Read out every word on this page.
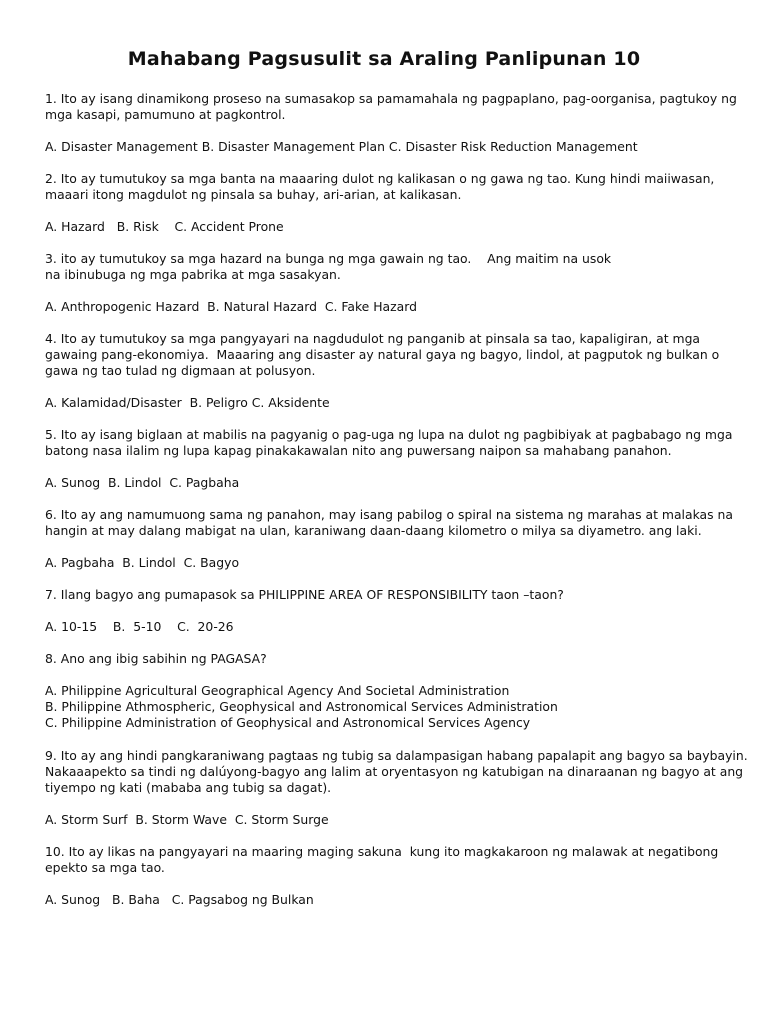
Mahabang Pagsusulit sa Araling Panlipunan 10
1. Ito ay isang dinamikong proseso na sumasakop sa pamamahala ng pagpaplano, pag-oorganisa, pagtukoy ng
mga kasapi, pamumuno at pagkontrol.
A. Disaster Management B. Disaster Management Plan C. Disaster Risk Reduction Management
2. Ito ay tumutukoy sa mga banta na maaaring dulot ng kalikasan o ng gawa ng tao. Kung hindi maiiwasan,
maaari itong magdulot ng pinsala sa buhay, ari-arian, at kalikasan.
A. Hazard   B. Risk    C. Accident Prone
3. ito ay tumutukoy sa mga hazard na bunga ng mga gawain ng tao.    Ang maitim na usok
na ibinubuga ng mga pabrika at mga sasakyan.
A. Anthropogenic Hazard  B. Natural Hazard  C. Fake Hazard
4. Ito ay tumutukoy sa mga pangyayari na nagdudulot ng panganib at pinsala sa tao, kapaligiran, at mga
gawaing pang-ekonomiya.  Maaaring ang disaster ay natural gaya ng bagyo, lindol, at pagputok ng bulkan o
gawa ng tao tulad ng digmaan at polusyon.
A. Kalamidad/Disaster  B. Peligro C. Aksidente
5. Ito ay isang biglaan at mabilis na pagyanig o pag-uga ng lupa na dulot ng pagbibiyak at pagbabago ng mga
batong nasa ilalim ng lupa kapag pinakakawalan nito ang puwersang naipon sa mahabang panahon.
A. Sunog  B. Lindol  C. Pagbaha
6. Ito ay ang namumuong sama ng panahon, may isang pabilog o spiral na sistema ng marahas at malakas na
hangin at may dalang mabigat na ulan, karaniwang daan-daang kilometro o milya sa diyametro. ang laki.
A. Pagbaha  B. Lindol  C. Bagyo
7. Ilang bagyo ang pumapasok sa PHILIPPINE AREA OF RESPONSIBILITY taon –taon?
A. 10-15    B.  5-10    C.  20-26
8. Ano ang ibig sabihin ng PAGASA?
A. Philippine Agricultural Geographical Agency And Societal Administration
B. Philippine Athmospheric, Geophysical and Astronomical Services Administration
C. Philippine Administration of Geophysical and Astronomical Services Agency
9. Ito ay ang hindi pangkaraniwang pagtaas ng tubig sa dalampasigan habang papalapit ang bagyo sa baybayin.
Nakaaapekto sa tindi ng dalúyong-bagyo ang lalim at oryentasyon ng katubigan na dinaraanan ng bagyo at ang
tiyempo ng kati (mababa ang tubig sa dagat).
A. Storm Surf  B. Storm Wave  C. Storm Surge
10. Ito ay likas na pangyayari na maaring maging sakuna  kung ito magkakaroon ng malawak at negatibong
epekto sa mga tao.
A. Sunog   B. Baha   C. Pagsabog ng Bulkan
